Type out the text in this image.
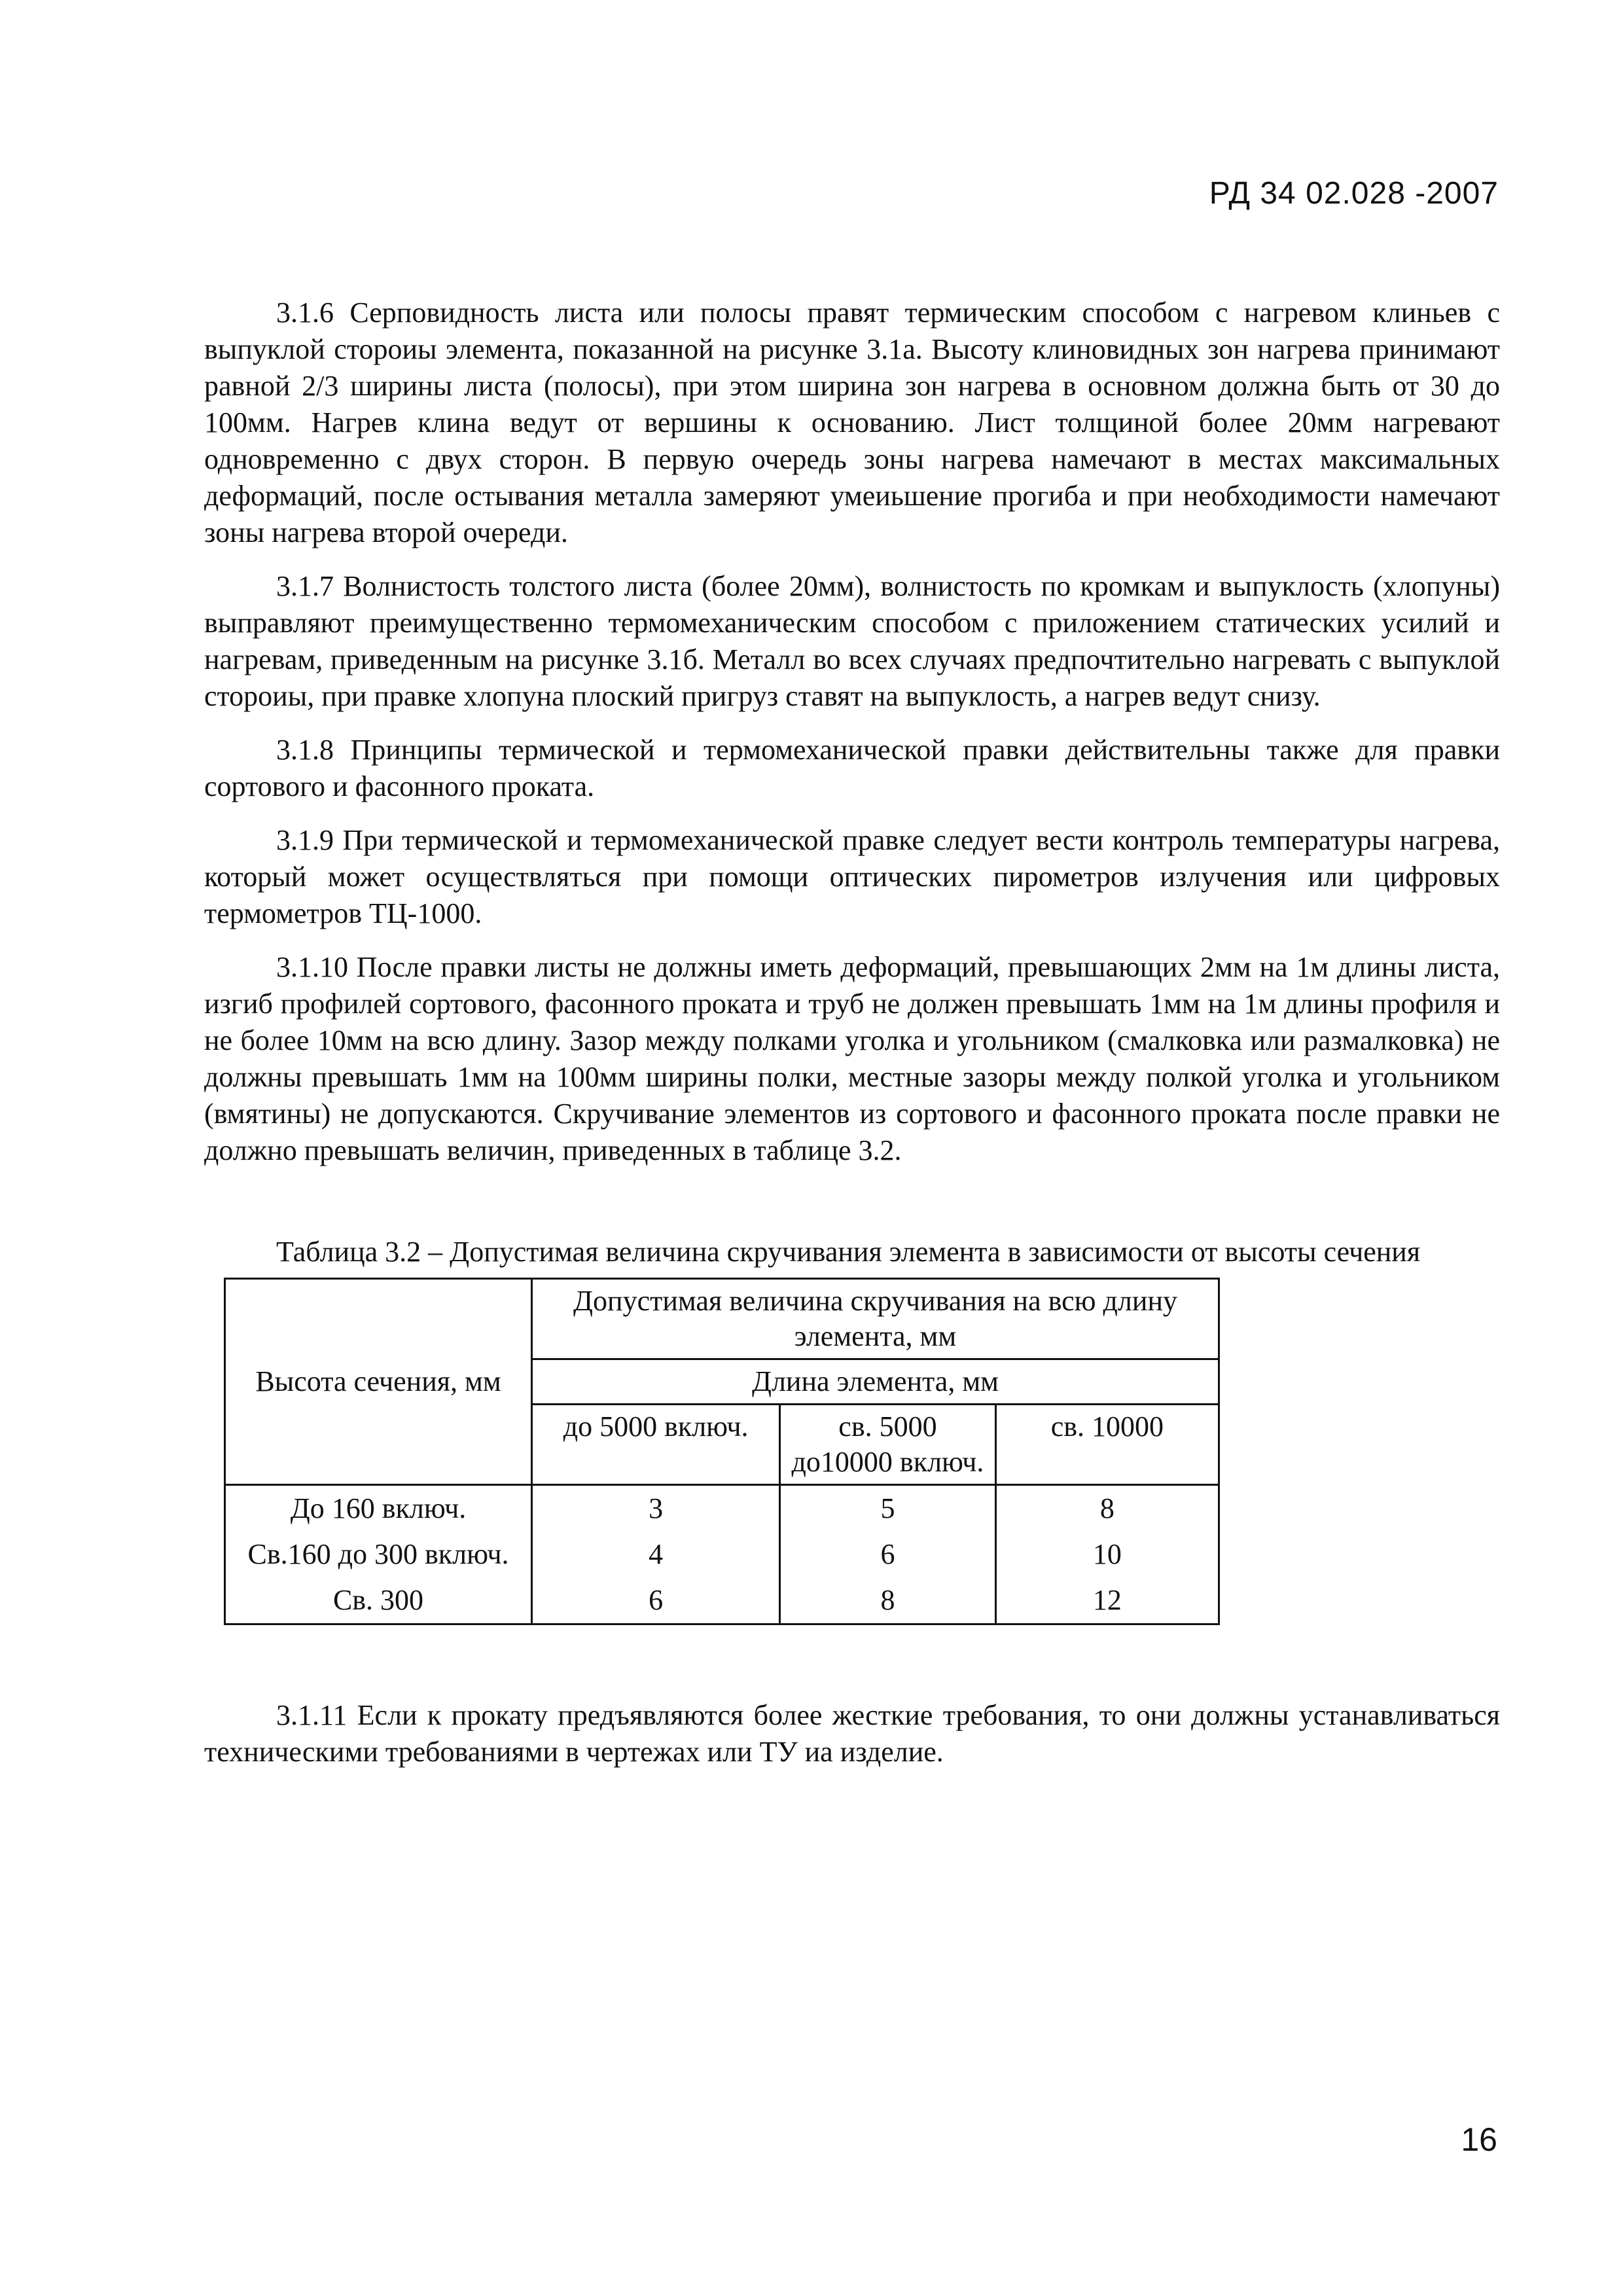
РД 34 02.028 -2007

3.1.6 Серповидность листа или полосы правят термическим способом с нагревом клиньев с выпуклой стороиы элемента, показанной на рисунке 3.1а. Высоту клиновидных зон нагрева принимают равной 2/3 ширины листа (полосы), при этом ширина зон нагрева в основном должна быть от 30 до 100мм. Нагрев клина ведут от вершины к основанию. Лист толщиной более 20мм нагревают одновременно с двух сторон. В первую очередь зоны нагрева намечают в местах максимальных деформаций, после остывания металла замеряют умеиьшение прогиба и при необходимости намечают зоны нагрева второй очереди.

3.1.7 Волнистость толстого листа (более 20мм), волнистость по кромкам и выпуклость (хлопуны) выправляют преимущественно термомеханическим способом с приложением статических усилий и нагревам, приведенным на рисунке 3.1б. Металл во всех случаях предпочтительно нагревать с выпуклой стороиы, при правке хлопуна плоский пригруз ставят на выпуклость, а нагрев ведут снизу.

3.1.8 Принципы термической и термомеханической правки действительны также для правки сортового и фасонного проката.

3.1.9 При термической и термомеханической правке следует вести контроль температуры нагрева, который может осуществляться при помощи оптических пирометров излучения или цифровых термометров ТЦ-1000.

3.1.10 После правки листы не должны иметь деформаций, превышающих 2мм на 1м длины листа, изгиб профилей сортового, фасонного проката и труб не должен превышать 1мм на 1м длины профиля и не более 10мм на всю длину. Зазор между полками уголка и угольником (смалковка или размалковка) не должны превышать 1мм на 100мм ширины полки, местные зазоры между полкой уголка и угольником (вмятины) не допускаются. Скручивание элементов из сортового и фасонного проката после правки не должно превышать величин, приведенных в таблице 3.2.

Таблица 3.2 – Допустимая величина скручивания элемента в зависимости от высоты сечения

Высота сечения, мм	Допустимая величина скручивания на всю длину элемента, мм		
	Длина элемента, мм		
	до 5000 включ.	св. 5000 до10000 включ.	св. 10000
До 160 включ.	3	5	8
Св.160 до 300 включ.	4	6	10
Св. 300	6	8	12

3.1.11 Если к прокату предъявляются более жесткие требования, то они должны устанавливаться техническими требованиями в чертежах или ТУ иа изделие.

16
